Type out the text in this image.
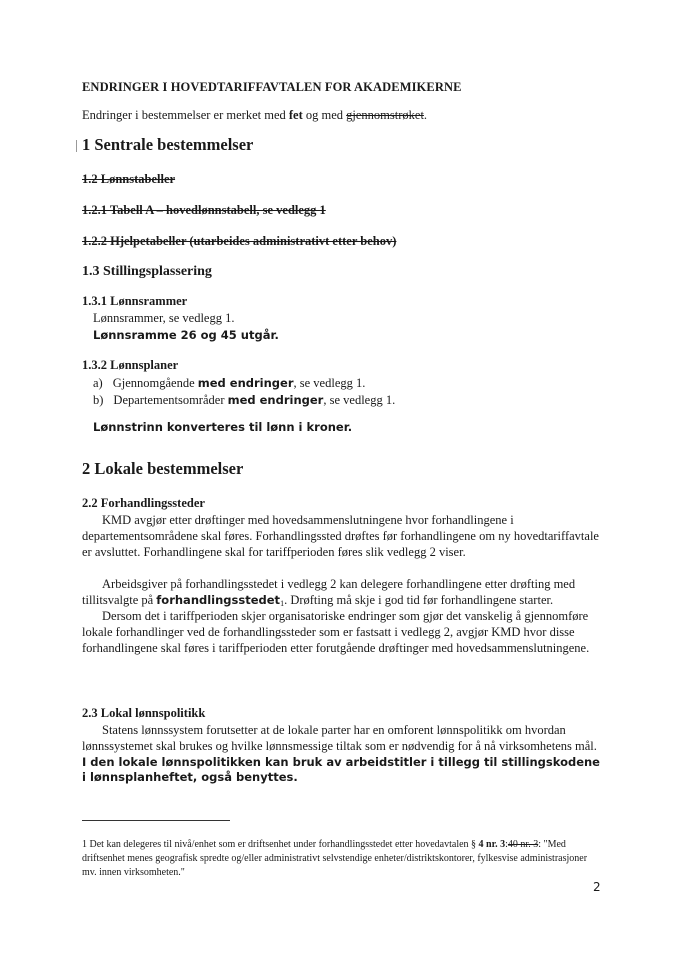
ENDRINGER I HOVEDTARIFFAVTALEN FOR AKADEMIKERNE
Endringer i bestemmelser er merket med fet og med gjennomstrøket.
1 Sentrale bestemmelser
1.2 Lønnstabeller
1.2.1 Tabell A – hovedlønnstabell, se vedlegg 1
1.2.2 Hjelpetabeller (utarbeides administrativt etter behov)
1.3 Stillingsplassering
1.3.1 Lønnsrammer
Lønnsrammer, se vedlegg 1.
Lønnsramme 26 og 45 utgår.
1.3.2 Lønnsplaner
a) Gjennomgående med endringer, se vedlegg 1.
b) Departementsområder med endringer, se vedlegg 1.
Lønnstrinn konverteres til lønn i kroner.
2 Lokale bestemmelser
2.2 Forhandlingssteder
KMD avgjør etter drøftinger med hovedsammenslutningene hvor forhandlingene i departementsområdene skal føres. Forhandlingssted drøftes før forhandlingene om ny hovedtariffavtale er avsluttet. Forhandlingene skal for tariffperioden føres slik vedlegg 2 viser.
Arbeidsgiver på forhandlingsstedet i vedlegg 2 kan delegere forhandlingene etter drøfting med tillitsvalgte på forhandlingsstedet1. Drøfting må skje i god tid før forhandlingene starter.
Dersom det i tariffperioden skjer organisatoriske endringer som gjør det vanskelig å gjennomføre lokale forhandlinger ved de forhandlingssteder som er fastsatt i vedlegg 2, avgjør KMD hvor disse forhandlingene skal føres i tariffperioden etter forutgående drøftinger med hovedsammenslutningene.
2.3 Lokal lønnspolitikk
Statens lønnssystem forutsetter at de lokale parter har en omforent lønnspolitikk om hvordan lønnssystemet skal brukes og hvilke lønnsmessige tiltak som er nødvendig for å nå virksomhetens mål. I den lokale lønnspolitikken kan bruk av arbeidstitler i tillegg til stillingskodene i lønnsplanheftet, også benyttes.
1 Det kan delegeres til nivå/enhet som er driftsenhet under forhandlingsstedet etter hovedavtalen § 4 nr. 3:40 nr. 3: "Med driftsenhet menes geografisk spredte og/eller administrativt selvstendige enheter/distriktskontorer, fylkesvise administrasjoner mv. innen virksomheten."
2
